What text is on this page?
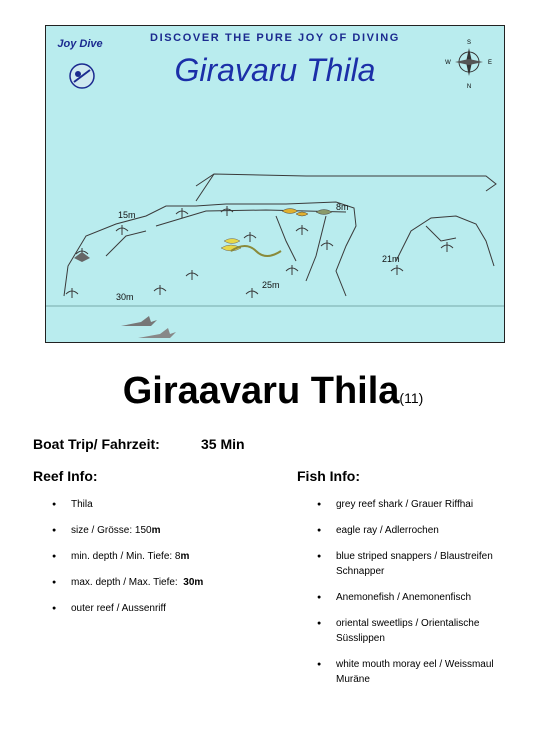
DISCOVER THE PURE JOY OF DIVING
Giravaru Thila
Joy Dive	S
N
W	E
15m
8m
21m
25m
30m
Giraavaru Thila(11)
Boat Trip/ Fahrzeit:	35 Min
Reef Info:	Fish Info:
● Thila
● size / Grösse: 150m
● min. depth / Min. Tiefe: 8m
● max. depth / Max. Tiefe:  30m
● outer reef / Aussenriff
● grey reef shark / Grauer Riffhai
● eagle ray / Adlerrochen
● blue striped snappers / Blaustreifen Schnapper
● Anemonefish / Anemonenfisch
● oriental sweetlips / Orientalische Süsslippen
● white mouth moray eel / Weissmaul Muräne
